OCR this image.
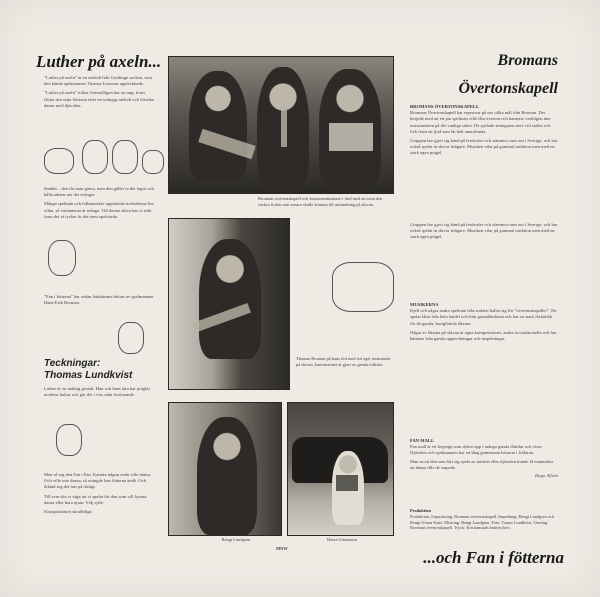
Luther på axeln...	Bromans
Övertonskapell
...och Fan i fötterna

”Luther på axeln” är en melodi från Grödinge socken, som den kände spelmannen Thomas Ivarsson upptecknade.

”Luther på axeln” tolkar förmodligen hur en ung, from flicka ska sätta fötterna efter en svängig melodi och försöka dansa med djävulen.

Snabbt – den får man gärna, men den gäller ta det lugnt och hålla takten när det svänger.

Många spelmän och folkmusiker uppfattade melodierna lite olika, så varianterna är många. Till denna skiva har vi sökt fram det vi tycker är det mest spelvärda.

”Fan i fötterna” har sedan ledstämma hittats av spelmannen Hans-Erik Broman.

Teckningar:
Thomas Lundkvist

Luther är en mäktig gestalt. Han och hans lära har präglat nordens kultur och gör det i viss mån fortfarande.

Men så tog den Fan i Fan. Kanske någon enda ville dansa. Och ville inte dansa, så svängde han fötterna ändå. Och ibland tog det fart på riktigt.

Till svar ska vi säga att vi spelar för den som vill lyssna, dansa eller bara njuta. Välj själv.

Klasspartituret skrubbliga.

Bromans övertonskapell och instrumentmakare i färd med att testa den vackra fiolen som senare skulle komma till användning på skivan.
Thomas Broman på hans fiol med sitt eget instrument på skivan. Instrumentet är gjort av gamla trälister.
Bengt Lundgren	Hasse Johansson
MNW
BROMANS ÖVERTONSKAPELL

Bromans Övertonskapell har repertoar på sex olika mål från Broman. Det började med att ett par spelmän ville låta överton och hanterar verkligen inte instrumenten på det vanliga sättet. De spelade strängarna nere vid stallet och fick fram ett ljud som lät helt annorlunda.

Gruppen har gjort sig känd på festivaler och stämmor runt om i Sverige, och har också spelat in skivor tidigare. Musiken vilar på gammal tradition men med en stark egen prägel.

Gruppen har gjort sig känd på festivaler och stämmor runt om i Sverige, och har också spelat in skivor tidigare. Musiken vilar på gammal tradition men med en stark egen prägel.

MUSIKERNA

Kjell och några andra spelmän från trakten kallar sig för ”övertonskapellet”. De spelar låtar från hela landet och från grannländerna och har en stark förkärlek för de gamla, bortglömda låtarna.

Några av låtarna på skivan är egna kompositioner, andra är traditionella och har hämtats från gamla uppteckningar och inspelningar.

FAN MALL

Fan mall är ett begrepp som dyker upp i många gamla låttitlar och visor. Djävulen och spelmannen har en lång gemensam historia i folktron.

Man sa att den som lärt sig spela av näcken eller djävulen kunde få människor att dansa tills de stupade.

Hugo Alfvén

Produktion
Produktion, förpackning: Bromans övertonskapell. Inspelning: Bengt Lundgren och Bengt Göran Staaf. Mixning: Bengt Lundgren. Foto: Tomas Lundkvist. Omslag: Bromans övertonskapell. Tryck: Kristianstads boktryckeri.
